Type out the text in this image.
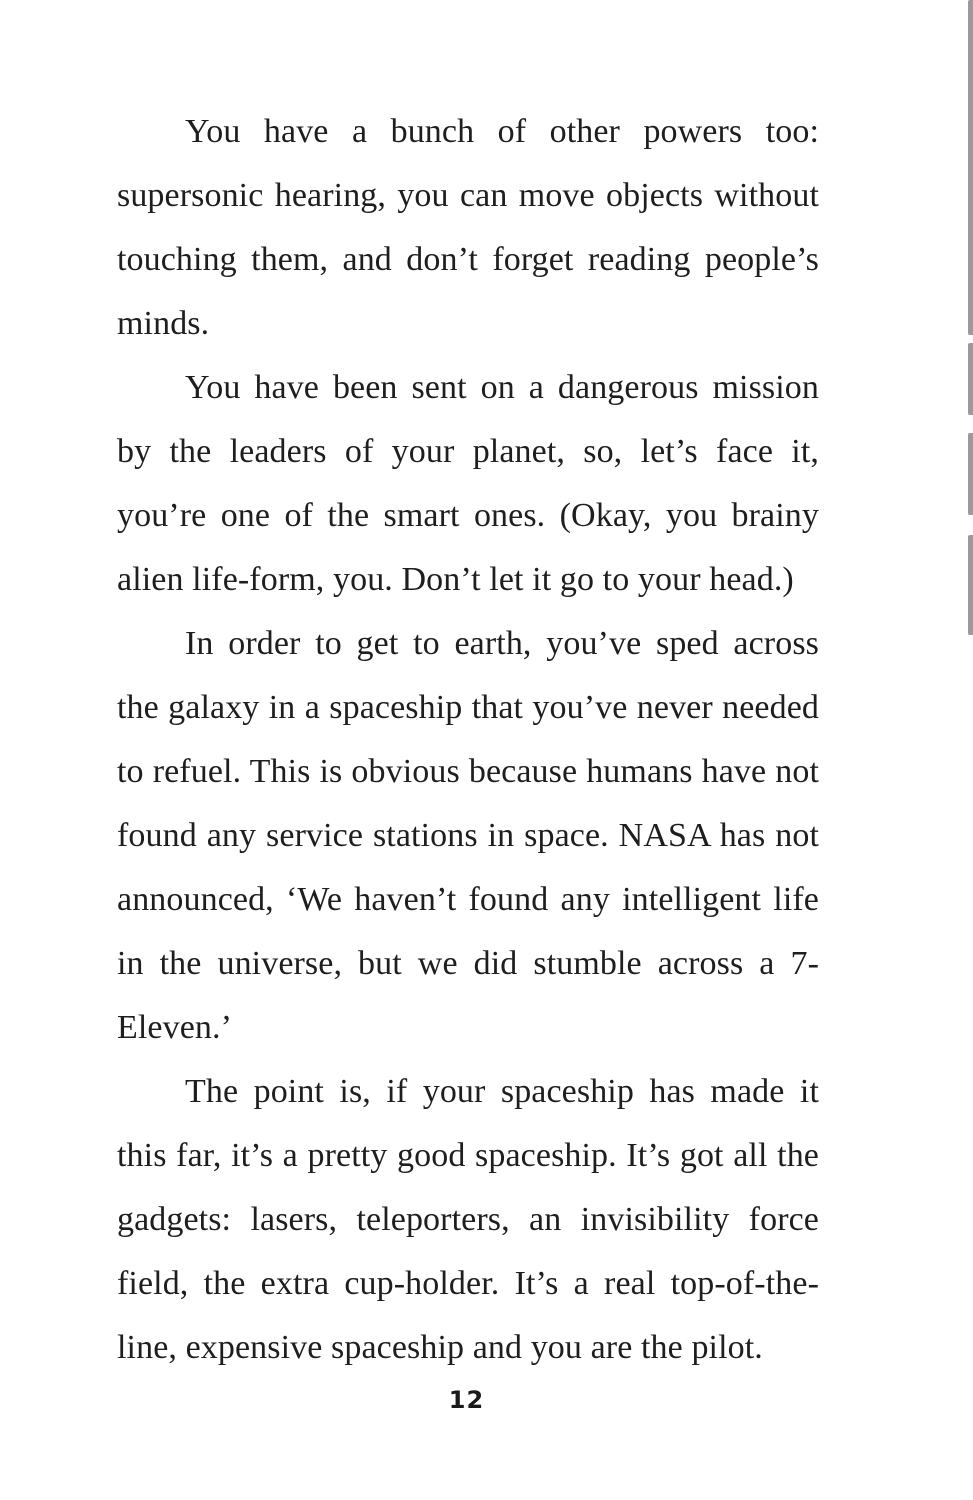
You have a bunch of other powers too: supersonic hearing, you can move objects without touching them, and don’t forget reading people’s minds.

You have been sent on a dangerous mission by the leaders of your planet, so, let’s face it, you’re one of the smart ones. (Okay, you brainy alien life-form, you. Don’t let it go to your head.)

In order to get to earth, you’ve sped across the galaxy in a spaceship that you’ve never needed to refuel. This is obvious because humans have not found any service stations in space. NASA has not announced, ‘We haven’t found any intelligent life in the universe, but we did stumble across a 7-Eleven.’

The point is, if your spaceship has made it this far, it’s a pretty good spaceship. It’s got all the gadgets: lasers, teleporters, an invisibility force field, the extra cup-holder. It’s a real top-of-the-line, expensive spaceship and you are the pilot.

12
